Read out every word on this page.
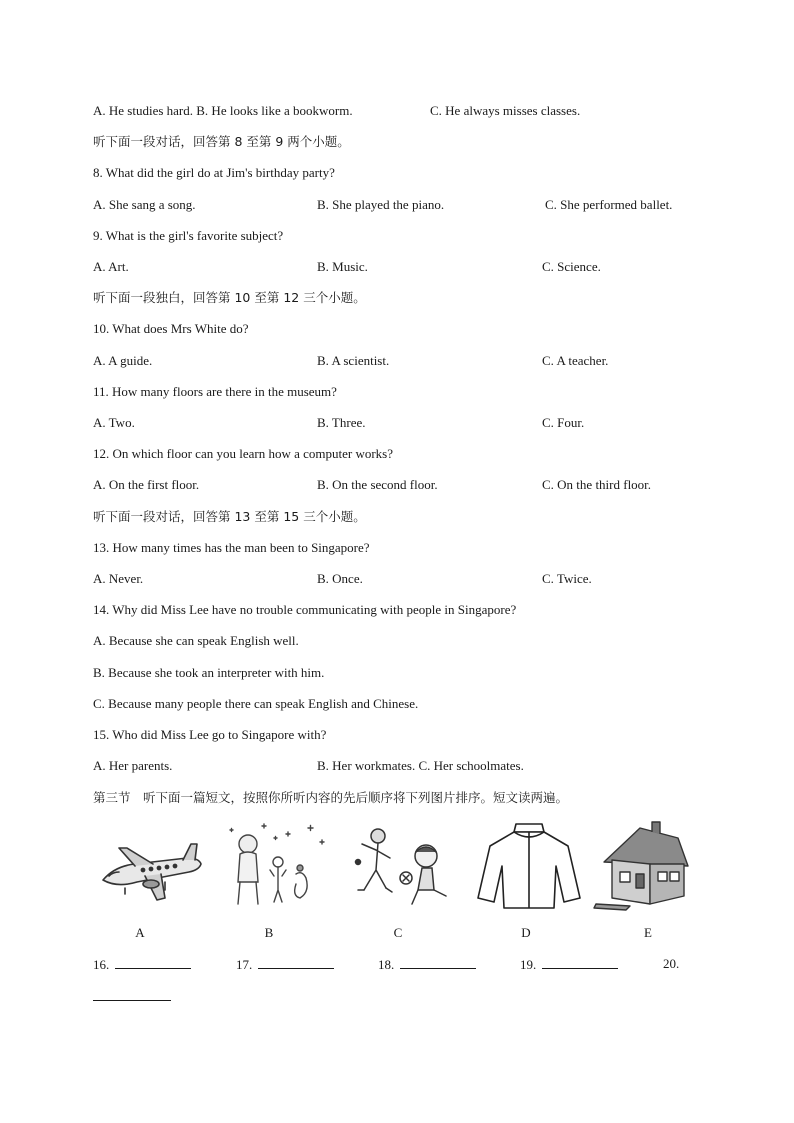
A. He studies hard. B. He looks like a bookworm.	C. He always misses classes.
听下面一段对话，回答第 8 至第 9 两个小题。
8. What did the girl do at Jim's birthday party?
A. She sang a song.	B. She played the piano.	C. She performed ballet.
9. What is the girl's favorite subject?
A. Art.	B. Music.	C. Science.
听下面一段独白，回答第 10 至第 12 三个小题。
10. What does Mrs White do?
A. A guide.	B. A scientist.	C. A teacher.
11. How many floors are there in the museum?
A. Two.	B. Three.	C. Four.
12. On which floor can you learn how a computer works?
A. On the first floor.	B. On the second floor.	C. On the third floor.
听下面一段对话，回答第 13 至第 15 三个小题。
13. How many times has the man been to Singapore?
A. Never.	B. Once.	C. Twice.
14. Why did Miss Lee have no trouble communicating with people in Singapore?
A. Because she can speak English well.
B. Because she took an interpreter with him.
C. Because many people there can speak English and Chinese.
15. Who did Miss Lee go to Singapore with?
A. Her parents.	B. Her workmates. C. Her schoolmates.
第三节　听下面一篇短文，按照你所听内容的先后顺序将下列图片排序。短文读两遍。
A	B	C	D	E
16.	17.	18.	19.	20.
